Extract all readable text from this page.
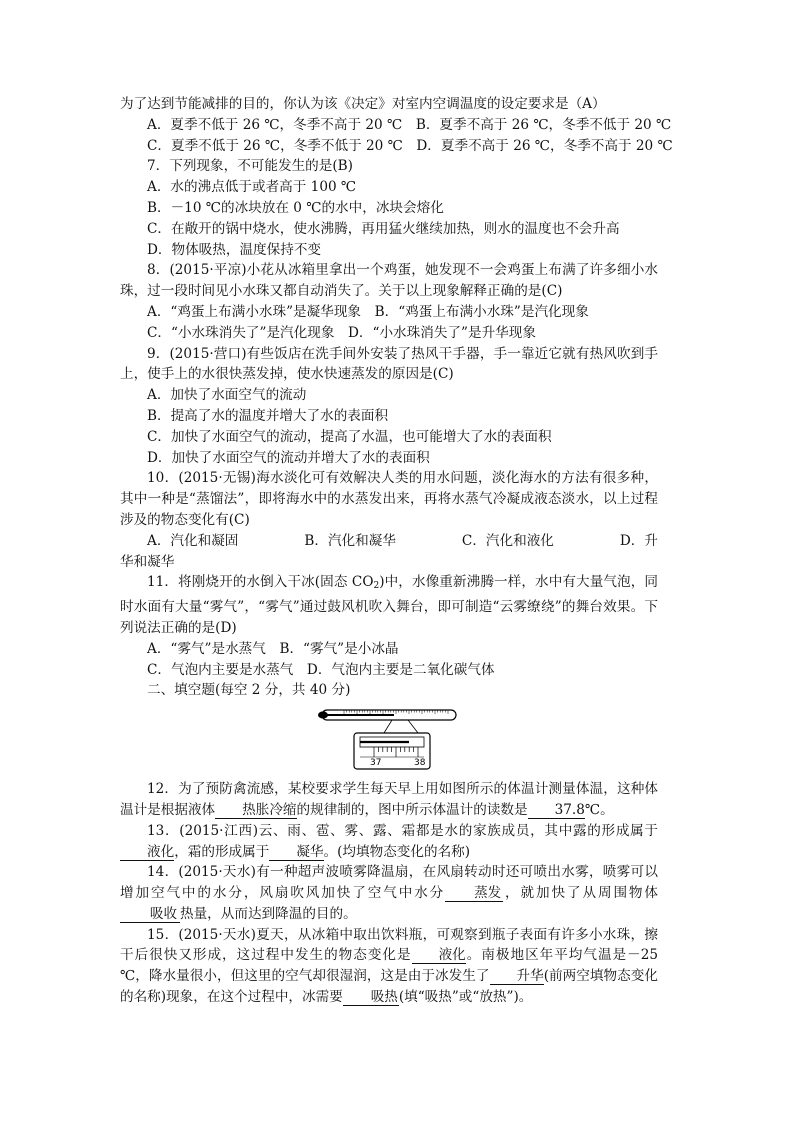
为了达到节能减排的目的，你认为该《决定》对室内空调温度的设定要求是（A）

A．夏季不低于 26 ℃，冬季不高于 20 ℃　B．夏季不高于 26 ℃，冬季不低于 20 ℃

C．夏季不低于 26 ℃，冬季不低于 20 ℃　D．夏季不高于 26 ℃，冬季不高于 20 ℃

7．下列现象，不可能发生的是(B)

A．水的沸点低于或者高于 100 ℃

B．－10 ℃的冰块放在 0 ℃的水中，冰块会熔化

C．在敞开的锅中烧水，使水沸腾，再用猛火继续加热，则水的温度也不会升高

D．物体吸热，温度保持不变

8．(2015·平凉)小花从冰箱里拿出一个鸡蛋，她发现不一会鸡蛋上布满了许多细小水珠，过一段时间见小水珠又都自动消失了。关于以上现象解释正确的是(C)

A．“鸡蛋上布满小水珠”是凝华现象　B．“鸡蛋上布满小水珠”是汽化现象

C．“小水珠消失了”是汽化现象　D．“小水珠消失了”是升华现象

9．(2015·营口)有些饭店在洗手间外安装了热风干手器，手一靠近它就有热风吹到手上，使手上的水很快蒸发掉，使水快速蒸发的原因是(C)

A．加快了水面空气的流动

B．提高了水的温度并增大了水的表面积

C．加快了水面空气的流动，提高了水温，也可能增大了水的表面积

D．加快了水面空气的流动并增大了水的表面积

10．(2015·无锡)海水淡化可有效解决人类的用水问题，淡化海水的方法有很多种，其中一种是“蒸馏法”，即将海水中的水蒸发出来，再将水蒸气冷凝成液态淡水，以上过程涉及的物态变化有(C)

A．汽化和凝固	B．汽化和凝华	C．汽化和液化	D．升

华和凝华

11．将刚烧开的水倒入干冰(固态 $CO_2$)中，水像重新沸腾一样，水中有大量气泡，同时水面有大量“雾气”，“雾气”通过鼓风机吹入舞台，即可制造“云雾缭绕”的舞台效果。下列说法正确的是(D)

A．“雾气”是水蒸气　B．“雾气”是小冰晶

C．气泡内主要是水蒸气　D．气泡内主要是二氧化碳气体

二、填空题(每空 2 分，共 40 分)

37	38

12．为了预防禽流感，某校要求学生每天早上用如图所示的体温计测量体温，这种体温计是根据液体 热胀冷缩的规律制的，图中所示体温计的读数是 37.8℃。

13．(2015·江西)云、雨、雹、雾、露、霜都是水的家族成员，其中露的形成属于液化，霜的形成属于 凝华。(均填物态变化的名称)

14．(2015·天水)有一种超声波喷雾降温扇，在风扇转动时还可喷出水雾，喷雾可以增加空气中的水分，风扇吹风加快了空气中水分 蒸发 ，就加快了从周围物体吸收 热量，从而达到降温的目的。

15．(2015·天水)夏天，从冰箱中取出饮料瓶，可观察到瓶子表面有许多小水珠，擦干后很快又形成，这过程中发生的物态变化是 液化。南极地区年平均气温是－25 ℃，降水量很小，但这里的空气却很湿润，这是由于冰发生了 升华(前两空填物态变化的名称)现象，在这个过程中，冰需要 吸热(填“吸热”或“放热”)。
